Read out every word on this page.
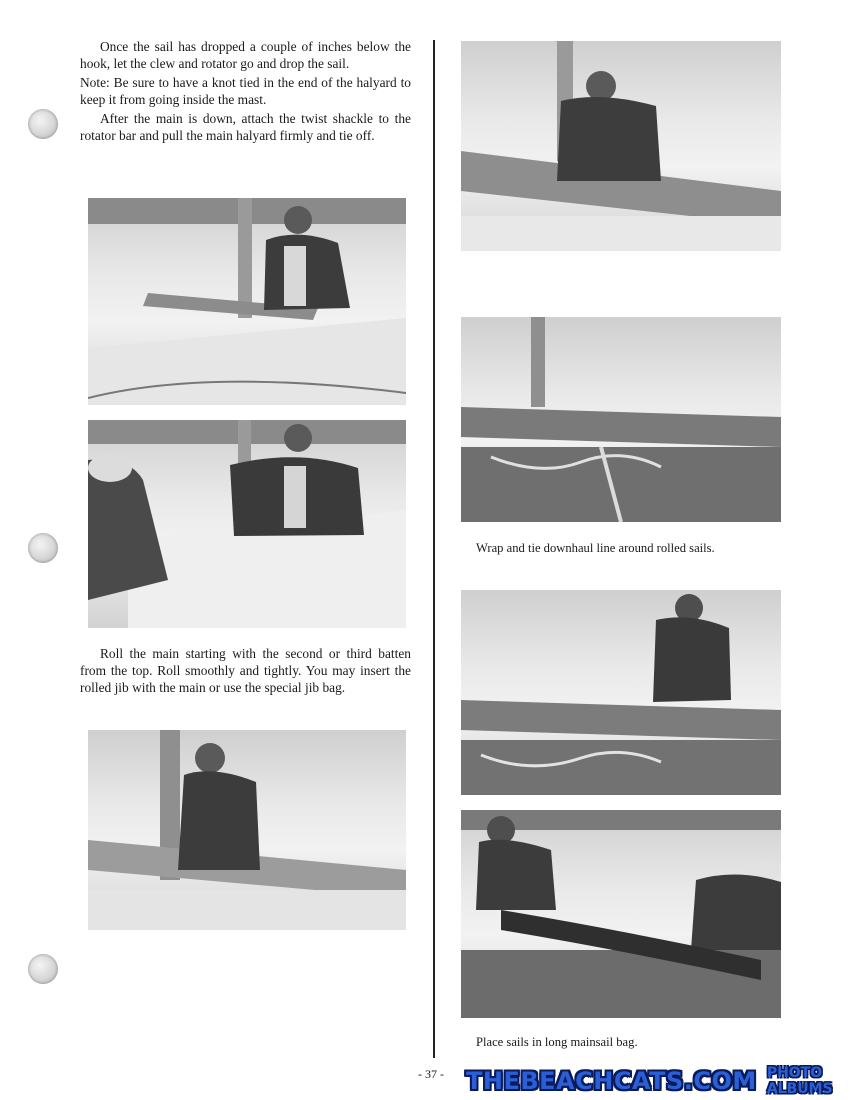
Once the sail has dropped a couple of inches below the hook, let the clew and rotator go and drop the sail.

Note: Be sure to have a knot tied in the end of the halyard to keep it from going inside the mast.

After the main is down, attach the twist shackle to the rotator bar and pull the main halyard firmly and tie off.

Roll the main starting with the second or third batten from the top. Roll smoothly and tightly. You may insert the rolled jib with the main or use the special jib bag.

Wrap and tie downhaul line around rolled sails.
Place sails in long mainsail bag.
- 37 - THEBEACHCATS.COM PHOTO ALBUMS
